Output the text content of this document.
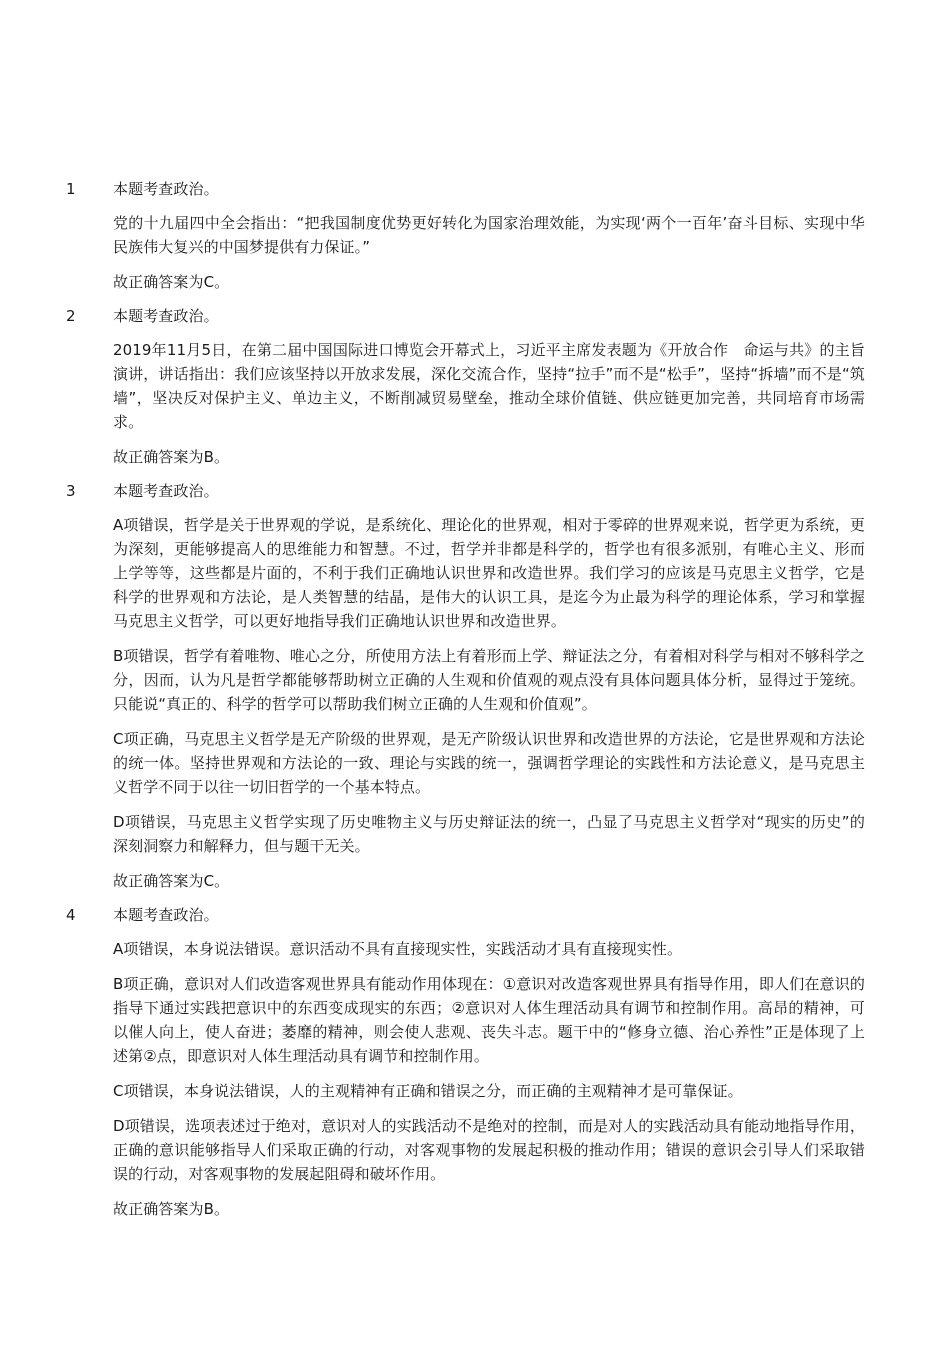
1 本题考查政治。

党的十九届四中全会指出：“把我国制度优势更好转化为国家治理效能，为实现‘两个一百年’奋斗目标、实现中华民族伟大复兴的中国梦提供有力保证。”

故正确答案为C。

2 本题考查政治。

2019年11月5日，在第二届中国国际进口博览会开幕式上，习近平主席发表题为《开放合作　命运与共》的主旨演讲，讲话指出：我们应该坚持以开放求发展，深化交流合作，坚持“拉手”而不是“松手”，坚持“拆墙”而不是“筑墙”，坚决反对保护主义、单边主义，不断削减贸易壁垒，推动全球价值链、供应链更加完善，共同培育市场需求。

故正确答案为B。

3 本题考查政治。

A项错误，哲学是关于世界观的学说，是系统化、理论化的世界观，相对于零碎的世界观来说，哲学更为系统，更为深刻，更能够提高人的思维能力和智慧。不过，哲学并非都是科学的，哲学也有很多派别，有唯心主义、形而上学等等，这些都是片面的，不利于我们正确地认识世界和改造世界。我们学习的应该是马克思主义哲学，它是科学的世界观和方法论，是人类智慧的结晶，是伟大的认识工具，是迄今为止最为科学的理论体系，学习和掌握马克思主义哲学，可以更好地指导我们正确地认识世界和改造世界。

B项错误，哲学有着唯物、唯心之分，所使用方法上有着形而上学、辩证法之分，有着相对科学与相对不够科学之分，因而，认为凡是哲学都能够帮助树立正确的人生观和价值观的观点没有具体问题具体分析，显得过于笼统。只能说“真正的、科学的哲学可以帮助我们树立正确的人生观和价值观”。

C项正确，马克思主义哲学是无产阶级的世界观，是无产阶级认识世界和改造世界的方法论，它是世界观和方法论的统一体。坚持世界观和方法论的一致、理论与实践的统一，强调哲学理论的实践性和方法论意义，是马克思主义哲学不同于以往一切旧哲学的一个基本特点。

D项错误，马克思主义哲学实现了历史唯物主义与历史辩证法的统一，凸显了马克思主义哲学对“现实的历史”的深刻洞察力和解释力，但与题干无关。

故正确答案为C。

4 本题考查政治。

A项错误，本身说法错误。意识活动不具有直接现实性，实践活动才具有直接现实性。

B项正确，意识对人们改造客观世界具有能动作用体现在：①意识对改造客观世界具有指导作用，即人们在意识的指导下通过实践把意识中的东西变成现实的东西；②意识对人体生理活动具有调节和控制作用。高昂的精神，可以催人向上，使人奋进；萎靡的精神，则会使人悲观、丧失斗志。题干中的“修身立德、治心养性”正是体现了上述第②点，即意识对人体生理活动具有调节和控制作用。

C项错误，本身说法错误，人的主观精神有正确和错误之分，而正确的主观精神才是可靠保证。

D项错误，选项表述过于绝对，意识对人的实践活动不是绝对的控制，而是对人的实践活动具有能动地指导作用，正确的意识能够指导人们采取正确的行动，对客观事物的发展起积极的推动作用；错误的意识会引导人们采取错误的行动，对客观事物的发展起阻碍和破坏作用。

故正确答案为B。
